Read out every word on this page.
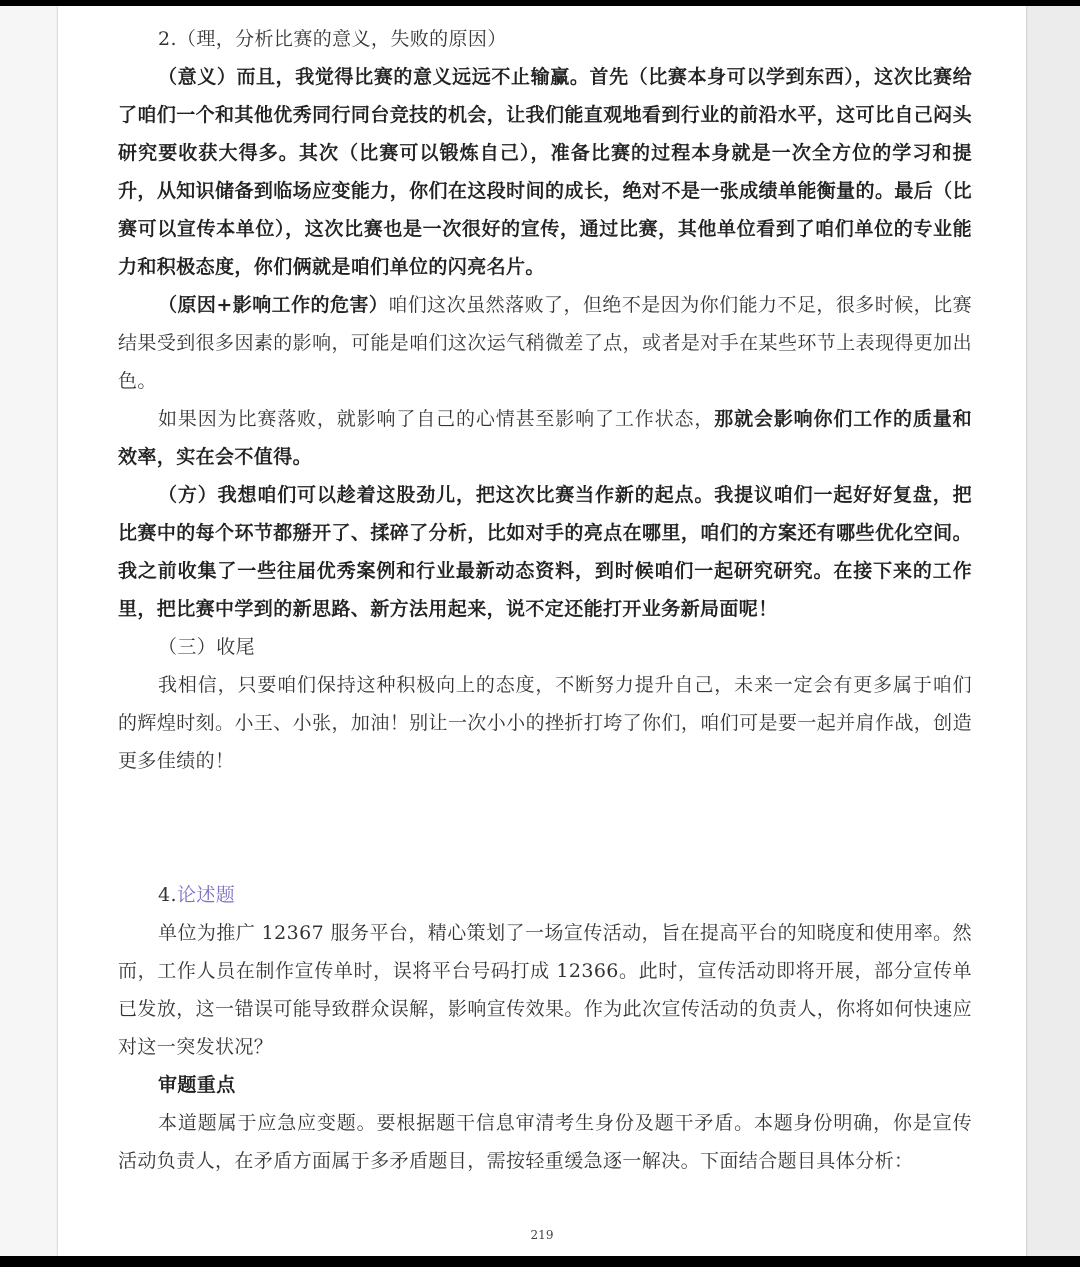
2.（理，分析比赛的意义，失败的原因）

（意义）而且，我觉得比赛的意义远远不止输赢。首先（比赛本身可以学到东西），这次比赛给了咱们一个和其他优秀同行同台竞技的机会，让我们能直观地看到行业的前沿水平，这可比自己闷头研究要收获大得多。其次（比赛可以锻炼自己），准备比赛的过程本身就是一次全方位的学习和提升，从知识储备到临场应变能力，你们在这段时间的成长，绝对不是一张成绩单能衡量的。最后（比赛可以宣传本单位），这次比赛也是一次很好的宣传，通过比赛，其他单位看到了咱们单位的专业能力和积极态度，你们俩就是咱们单位的闪亮名片。

（原因+影响工作的危害）咱们这次虽然落败了，但绝不是因为你们能力不足，很多时候，比赛结果受到很多因素的影响，可能是咱们这次运气稍微差了点，或者是对手在某些环节上表现得更加出色。

如果因为比赛落败，就影响了自己的心情甚至影响了工作状态，那就会影响你们工作的质量和效率，实在会不值得。

（方）我想咱们可以趁着这股劲儿，把这次比赛当作新的起点。我提议咱们一起好好复盘，把比赛中的每个环节都掰开了、揉碎了分析，比如对手的亮点在哪里，咱们的方案还有哪些优化空间。我之前收集了一些往届优秀案例和行业最新动态资料，到时候咱们一起研究研究。在接下来的工作里，把比赛中学到的新思路、新方法用起来，说不定还能打开业务新局面呢！

（三）收尾

我相信，只要咱们保持这种积极向上的态度，不断努力提升自己，未来一定会有更多属于咱们的辉煌时刻。小王、小张，加油！别让一次小小的挫折打垮了你们，咱们可是要一起并肩作战，创造更多佳绩的！

4.论述题

单位为推广 12367 服务平台，精心策划了一场宣传活动，旨在提高平台的知晓度和使用率。然而，工作人员在制作宣传单时，误将平台号码打成 12366。此时，宣传活动即将开展，部分宣传单已发放，这一错误可能导致群众误解，影响宣传效果。作为此次宣传活动的负责人，你将如何快速应对这一突发状况？

审题重点

本道题属于应急应变题。要根据题干信息审清考生身份及题干矛盾。本题身份明确，你是宣传活动负责人，在矛盾方面属于多矛盾题目，需按轻重缓急逐一解决。下面结合题目具体分析：

219
